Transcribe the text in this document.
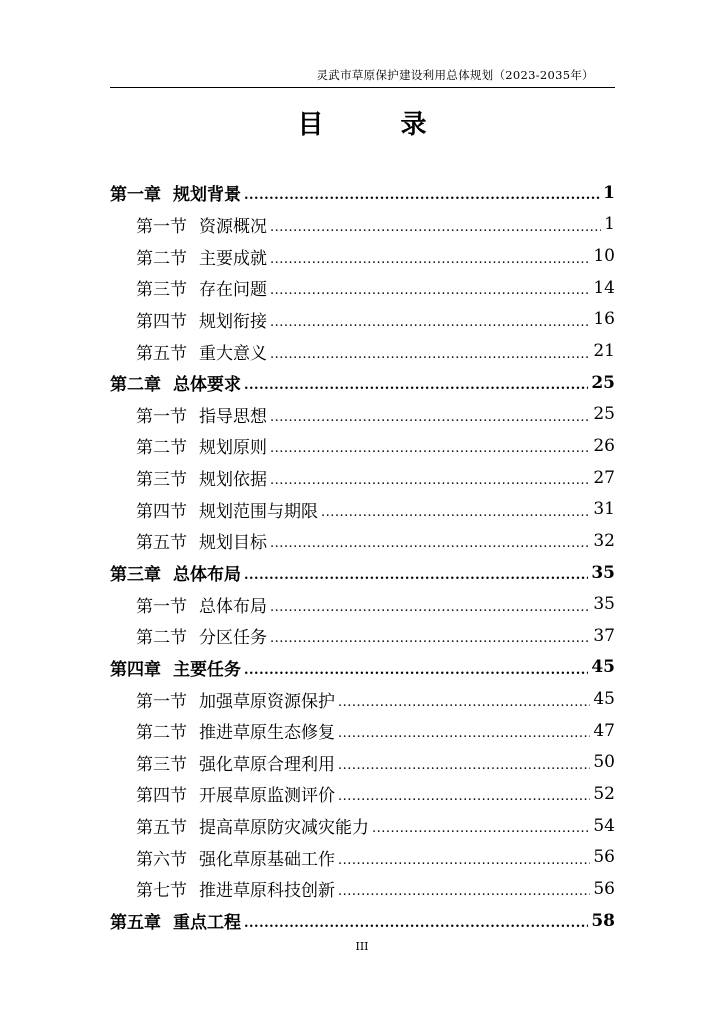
灵武市草原保护建设利用总体规划（2023-2035年）
目 录
第一章 规划背景 .....	1
第一节 资源概况 .....	1
第二节 主要成就 .....	10
第三节 存在问题 .....	14
第四节 规划衔接 .....	16
第五节 重大意义 .....	21
第二章 总体要求 .....	25
第一节 指导思想 .....	25
第二节 规划原则 .....	26
第三节 规划依据 .....	27
第四节 规划范围与期限 .....	31
第五节 规划目标 .....	32
第三章 总体布局 .....	35
第一节 总体布局 .....	35
第二节 分区任务 .....	37
第四章 主要任务 .....	45
第一节 加强草原资源保护 .....	45
第二节 推进草原生态修复 .....	47
第三节 强化草原合理利用 .....	50
第四节 开展草原监测评价 .....	52
第五节 提高草原防灾减灾能力 .....	54
第六节 强化草原基础工作 .....	56
第七节 推进草原科技创新 .....	56
第五章 重点工程 .....	58
III
